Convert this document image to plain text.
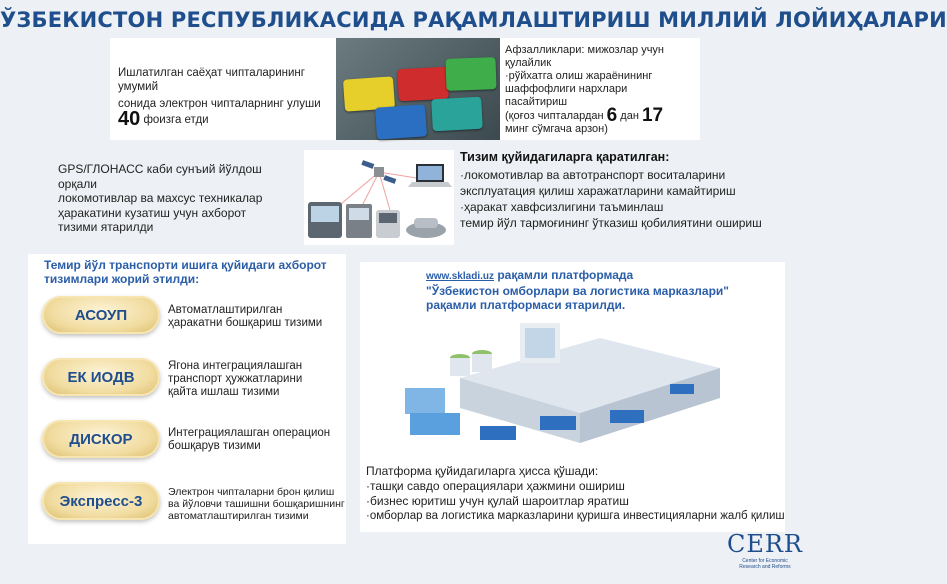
ЎЗБЕКИСТОН РЕСПУБЛИКАСИДА РАҚАМЛАШТИРИШ МИЛЛИЙ ЛОЙИҲАЛАРИ
Ишлатилган саёҳат чипталарининг умумий
сонида электрон чипталарнинг улуши
40 фоизга етди
Афзалликлари: мижозлар учун қулайлик
·рўйхатга олиш жараёнининг
шаффофлиги нархлари
пасайтириш
(қоғоз чипталардан 6 дан 17
минг сўмгача арзон)
GPS/ГЛОНАСС каби сунъий йўлдош орқали
локомотивлар ва махсус техникалар
ҳаракатини кузатиш учун ахборот
тизими ятарилди
Тизим қуйидагиларга қаратилган:
·локомотивлар ва автотранспорт воситаларини
эксплуатация қилиш харажатларини камайтириш
·ҳаракат хавфсизлигини таъминлаш
темир йўл тармоғининг ўтказиш қобилиятини ошириш
Темир йўл транспорти ишига қуйидаги ахборот
тизимлари жорий этилди:
АСОУП	Автоматлаштирилган
ҳаракатни бошқариш тизими
ЕК ИОДВ
Ягона интеграциялашган
транспорт ҳужжатларини
қайта ишлаш тизими
ДИСКОР	Интеграциялашган операцион
бошқарув тизими
Экспресс-3
Электрон чипталарни брон қилиш
ва йўловчи ташишни бошқаришнинг
автоматлаштирилган тизими
www.skladi.uz рақамли платформада
"Ўзбекистон омборлари ва логистика марказлари"
рақамли платформаси ятарилди.
Платформа қуйидагиларга ҳисса қўшади:
·ташқи савдо операциялари ҳажмини ошириш
·бизнес юритиш учун қулай шароитлар яратиш
·омборлар ва логистика марказларини қуришга инвестицияларни жалб қилиш
CERR
Center for Economic
Research and Reforms
